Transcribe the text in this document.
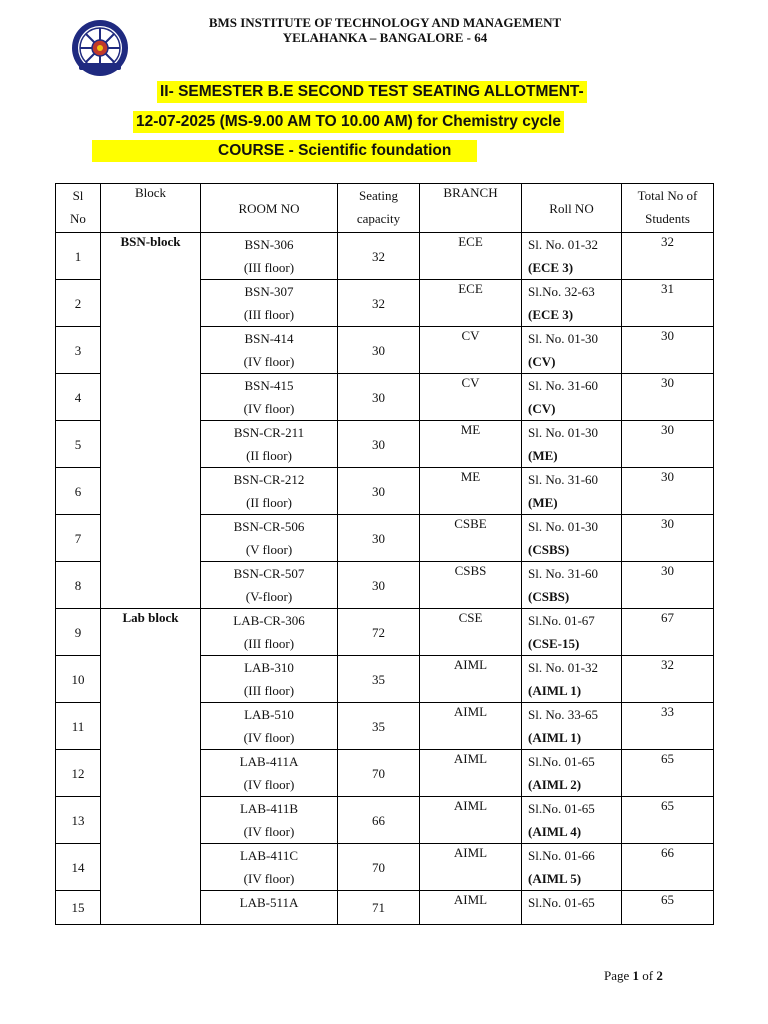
BMS INSTITUTE OF TECHNOLOGY AND MANAGEMENT
YELAHANKA – BANGALORE - 64
II- SEMESTER B.E SECOND TEST SEATING ALLOTMENT-
12-07-2025 (MS-9.00 AM TO 10.00 AM) for Chemistry cycle
COURSE - Scientific foundation
Sl
No	Block	ROOM NO	Seating
capacity	BRANCH	Roll NO	Total No of
Students
1	BSN-block	BSN-306
(III floor)	32	ECE	Sl. No. 01-32
(ECE 3)	32
2		BSN-307
(III floor)	32	ECE	Sl.No. 32-63
(ECE 3)	31
3		BSN-414
(IV floor)	30	CV	Sl. No. 01-30
(CV)	30
4		BSN-415
(IV floor)	30	CV	Sl. No. 31-60
(CV)	30
5		BSN-CR-211
(II floor)	30	ME	Sl. No. 01-30
(ME)	30
6		BSN-CR-212
(II floor)	30	ME	Sl. No. 31-60
(ME)	30
7		BSN-CR-506
(V floor)	30	CSBE	Sl. No. 01-30
(CSBS)	30
8		BSN-CR-507
(V-floor)	30	CSBS	Sl. No. 31-60
(CSBS)	30
9	Lab block	LAB-CR-306
(III floor)	72	CSE	Sl.No. 01-67
(CSE-15)	67
10		LAB-310
(III floor)	35	AIML	Sl. No. 01-32
(AIML 1)	32
11		LAB-510
(IV floor)	35	AIML	Sl. No. 33-65
(AIML 1)	33
12		LAB-411A
(IV floor)	70	AIML	Sl.No. 01-65
(AIML 2)	65
13		LAB-411B
(IV floor)	66	AIML	Sl.No. 01-65
(AIML 4)	65
14		LAB-411C
(IV floor)	70	AIML	Sl.No. 01-66
(AIML 5)	66
15		LAB-511A	71	AIML	Sl.No. 01-65	65
Page 1 of 2
